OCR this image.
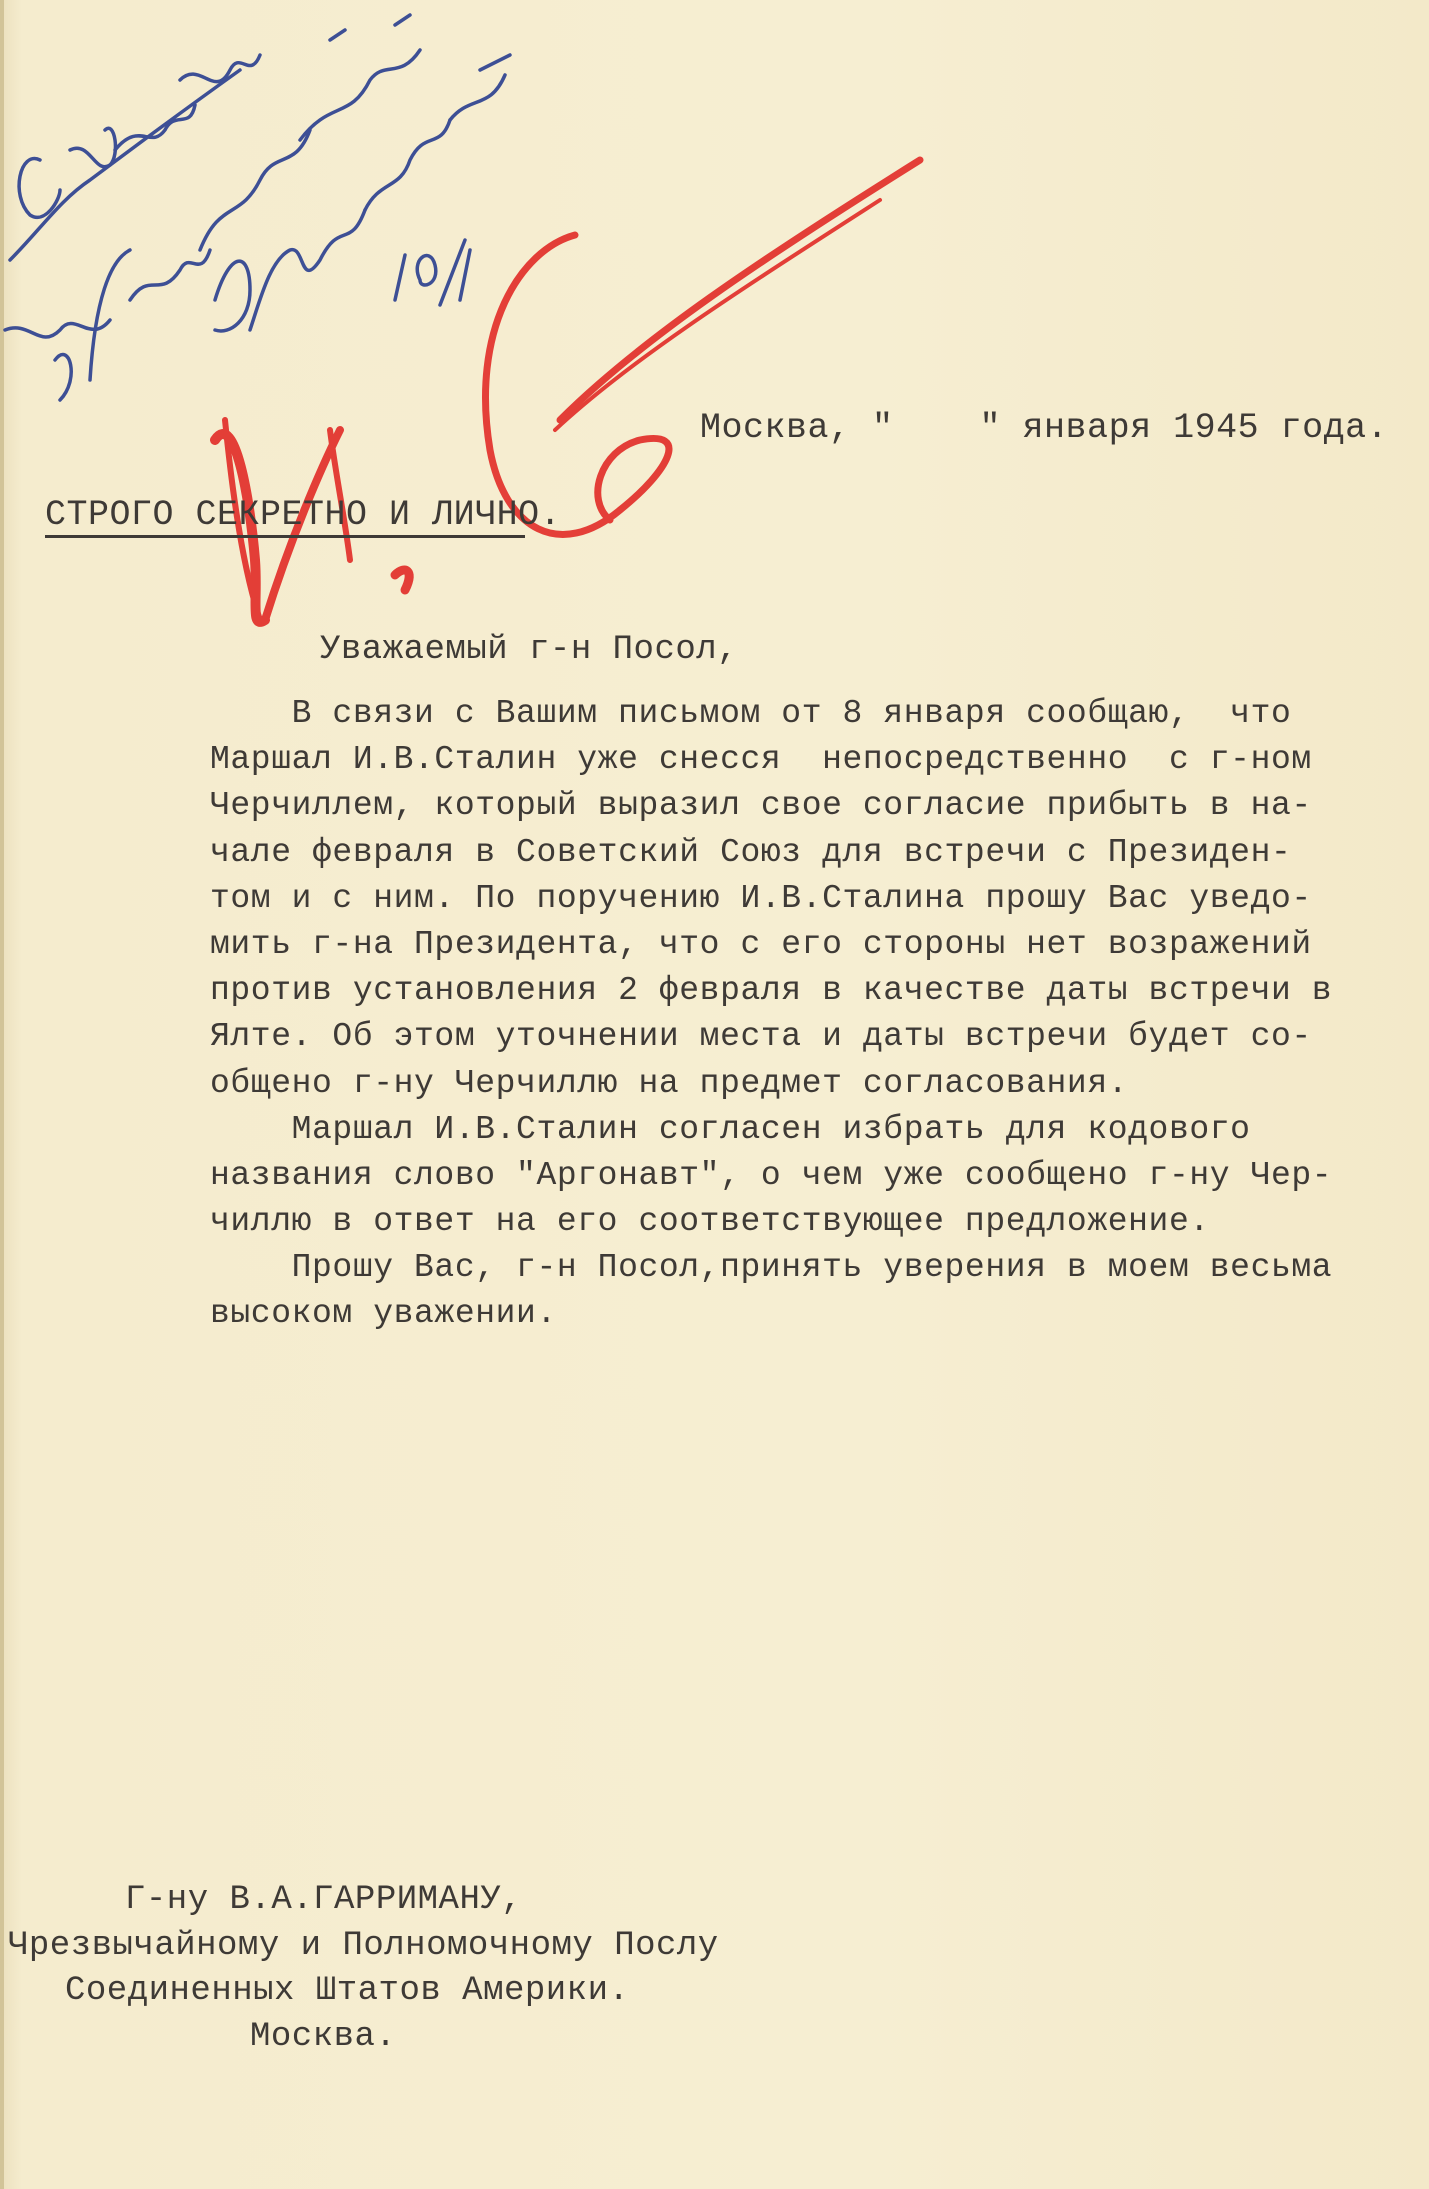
Москва, "    " января 1945 года.
СТРОГО СЕКРЕТНО И ЛИЧНО.
Уважаемый г-н Посол,
В связи с Вашим письмом от 8 января сообщаю,  что
Маршал И.В.Сталин уже снесся  непосредственно  с г-ном
Черчиллем, который выразил свое согласие прибыть в на-
чале февраля в Советский Союз для встречи с Президен-
том и с ним. По поручению И.В.Сталина прошу Вас уведо-
мить г-на Президента, что с его стороны нет возражений
против установления 2 февраля в качестве даты встречи в
Ялте. Об этом уточнении места и даты встречи будет со-
общено г-ну Черчиллю на предмет согласования.
Маршал И.В.Сталин согласен избрать для кодового
названия слово "Аргонавт", о чем уже сообщено г-ну Чер-
чиллю в ответ на его соответствующее предложение.
Прошу Вас, г-н Посол,принять уверения в моем весьма
высоком уважении.
Г-ну В.А.ГАРРИМАНУ,
Чрезвычайному и Полномочному Послу
Соединенных Штатов Америки.
Москва.
